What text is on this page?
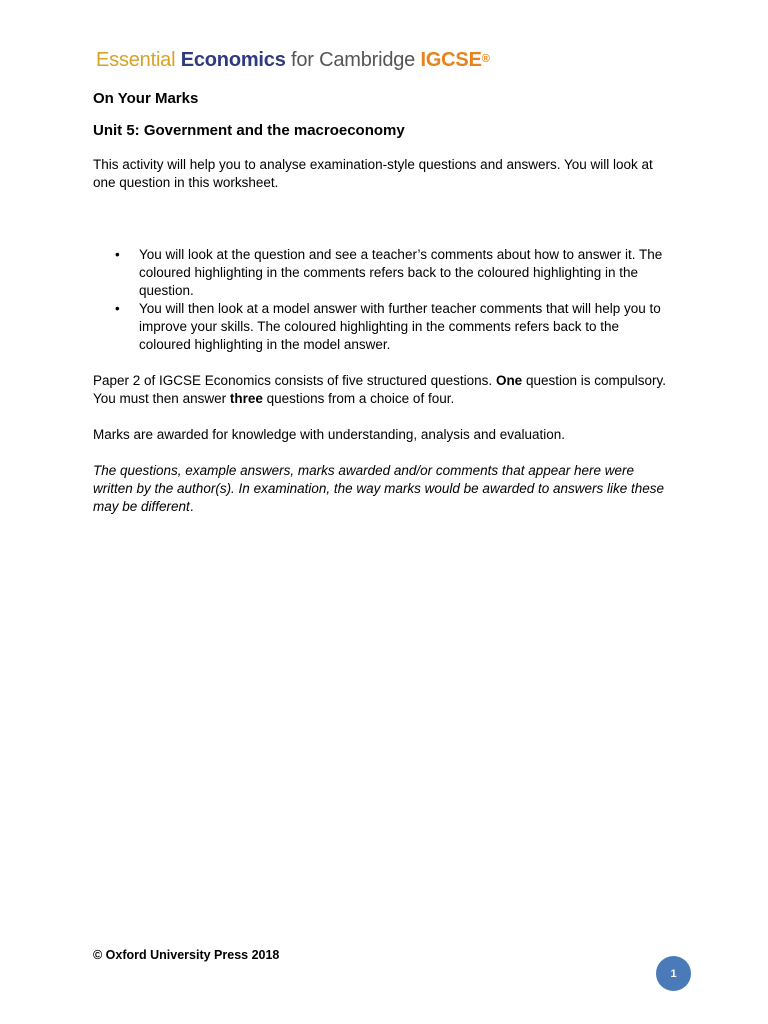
Essential Economics for Cambridge IGCSE®
On Your Marks
Unit 5: Government and the macroeconomy

This activity will help you to analyse examination-style questions and answers. You will look at one question in this worksheet.

• You will look at the question and see a teacher’s comments about how to answer it. The coloured highlighting in the comments refers back to the coloured highlighting in the question.
• You will then look at a model answer with further teacher comments that will help you to improve your skills. The coloured highlighting in the comments refers back to the coloured highlighting in the model answer.

Paper 2 of IGCSE Economics consists of five structured questions. One question is compulsory. You must then answer three questions from a choice of four.

Marks are awarded for knowledge with understanding, analysis and evaluation.

The questions, example answers, marks awarded and/or comments that appear here were written by the author(s). In examination, the way marks would be awarded to answers like these may be different.

© Oxford University Press 2018
1
